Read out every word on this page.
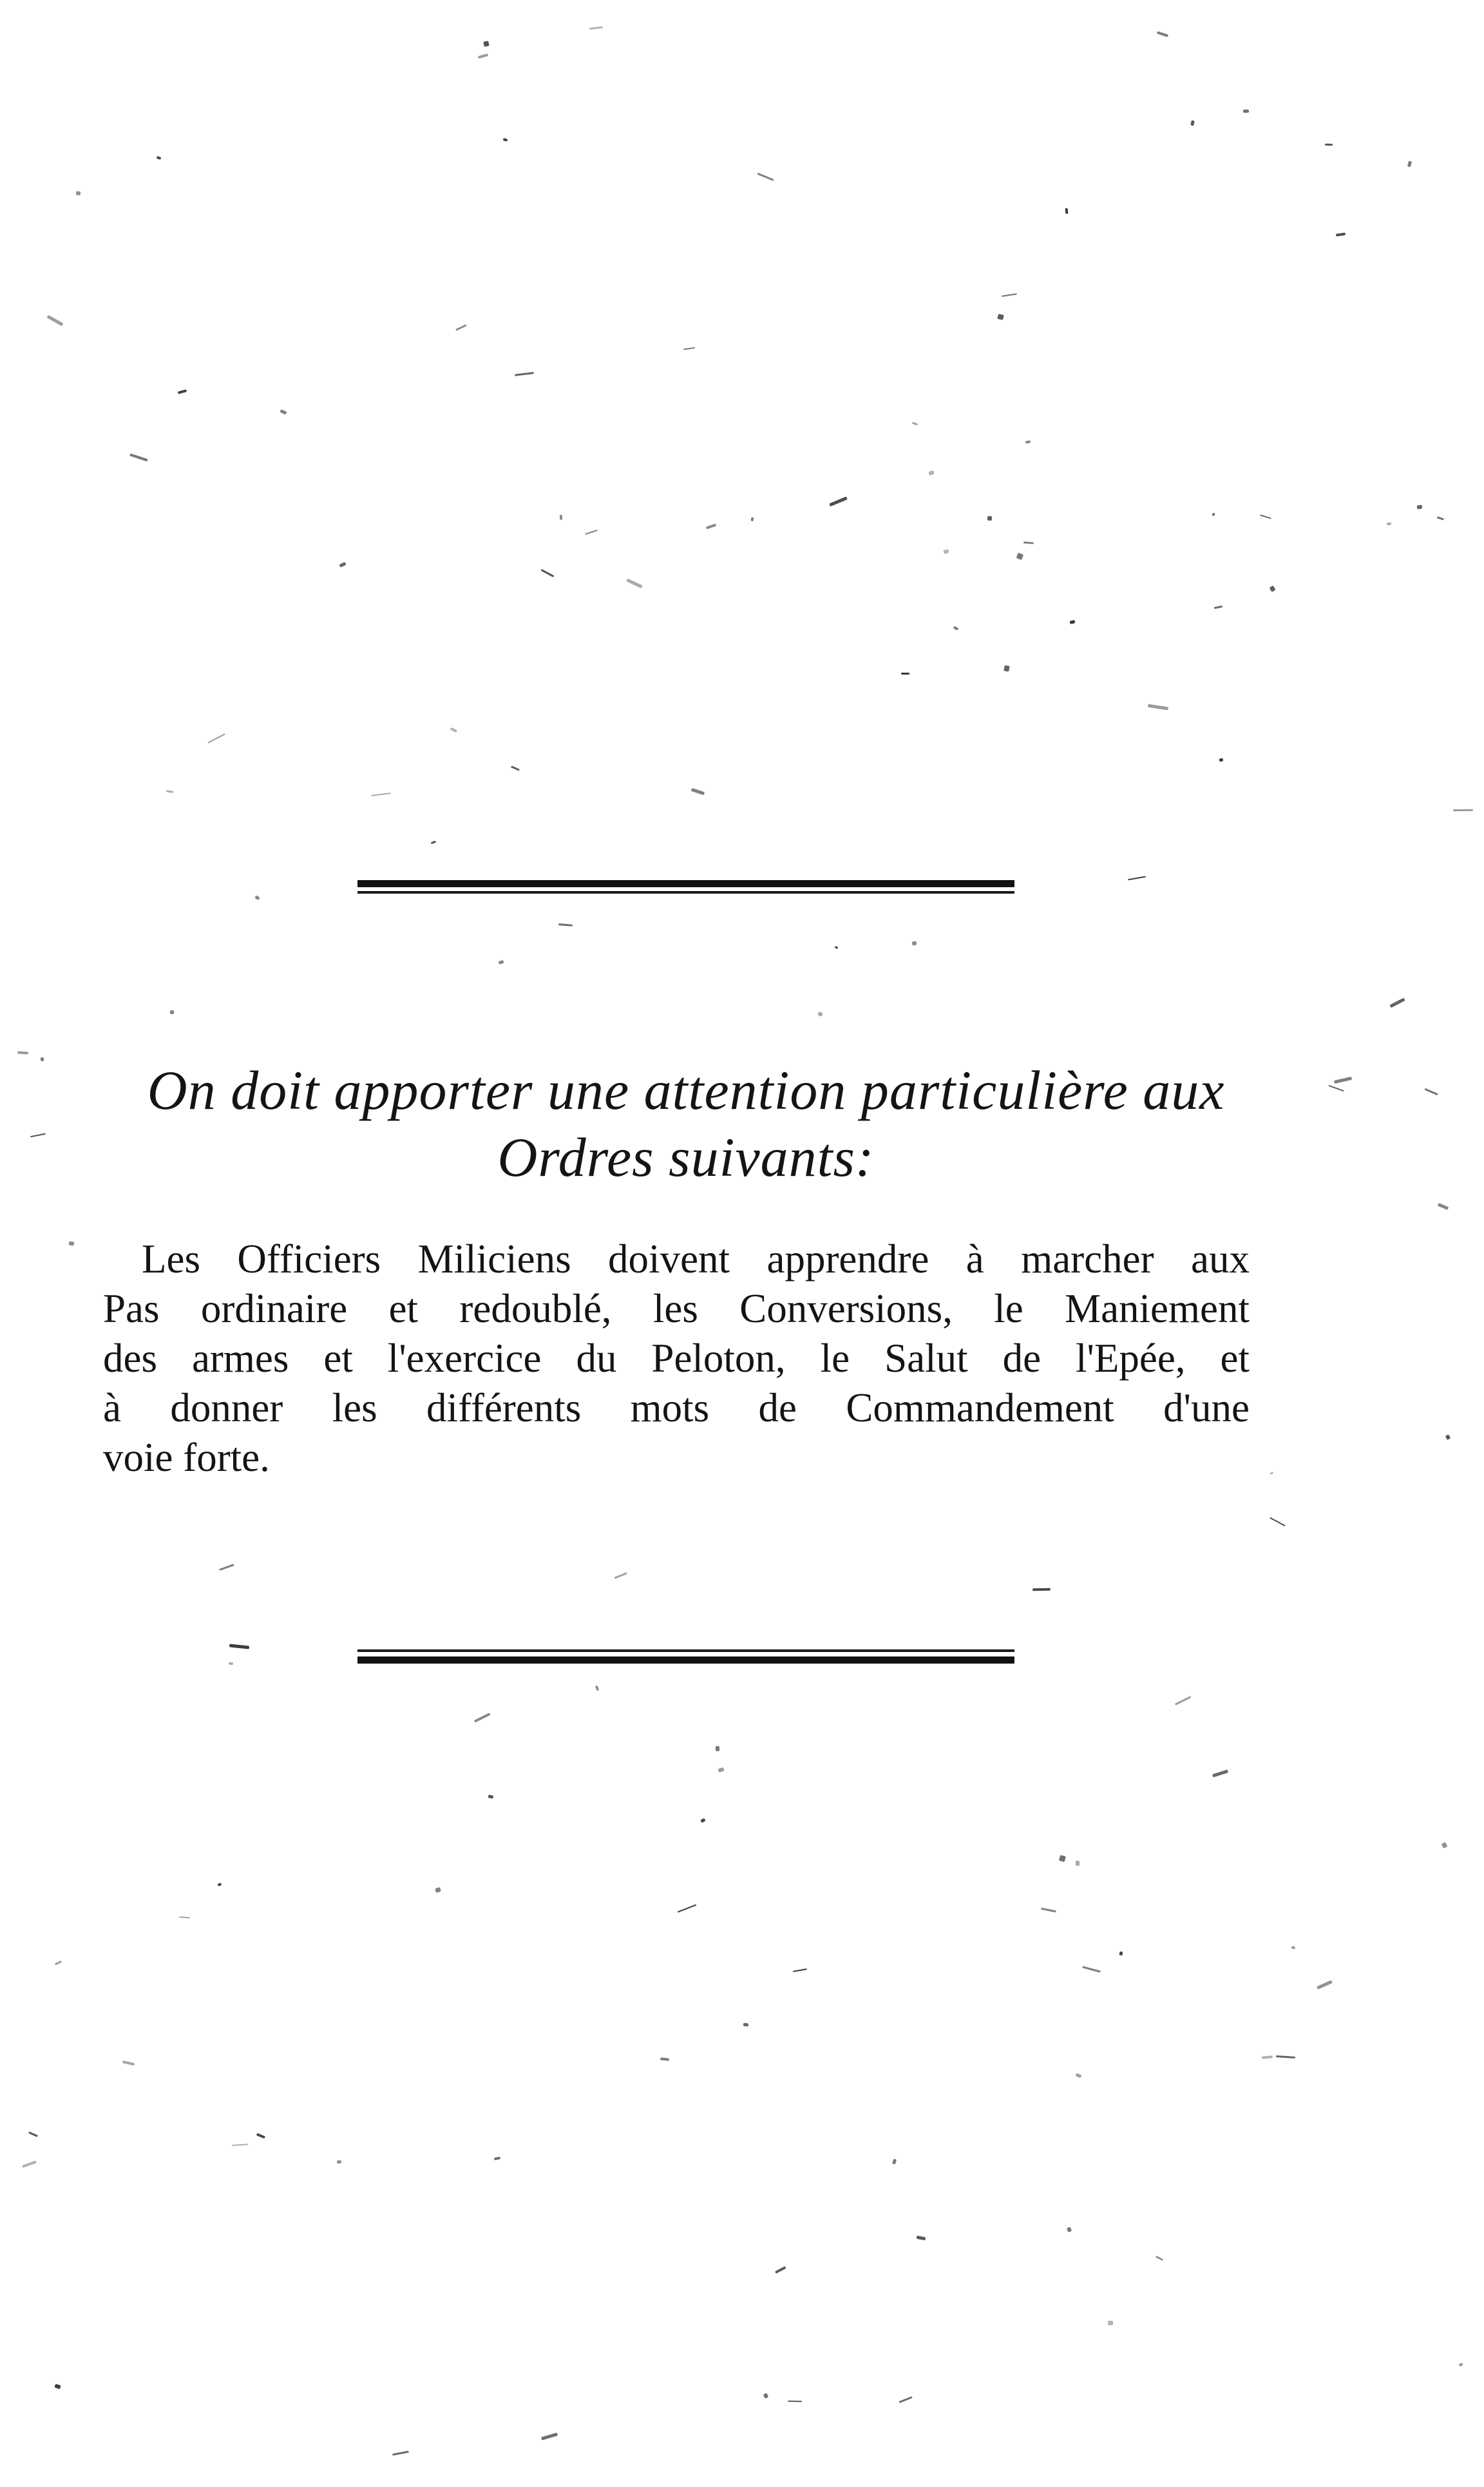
On doit apporter une attention particulière aux
Ordres suivants:

Les Officiers Miliciens doivent apprendre à marcher aux
Pas ordinaire et redoublé, les Conversions, le Maniement
des armes et l'exercice du Peloton, le Salut de l'Epée, et
à donner les différents mots de Commandement d'une
voie forte.
